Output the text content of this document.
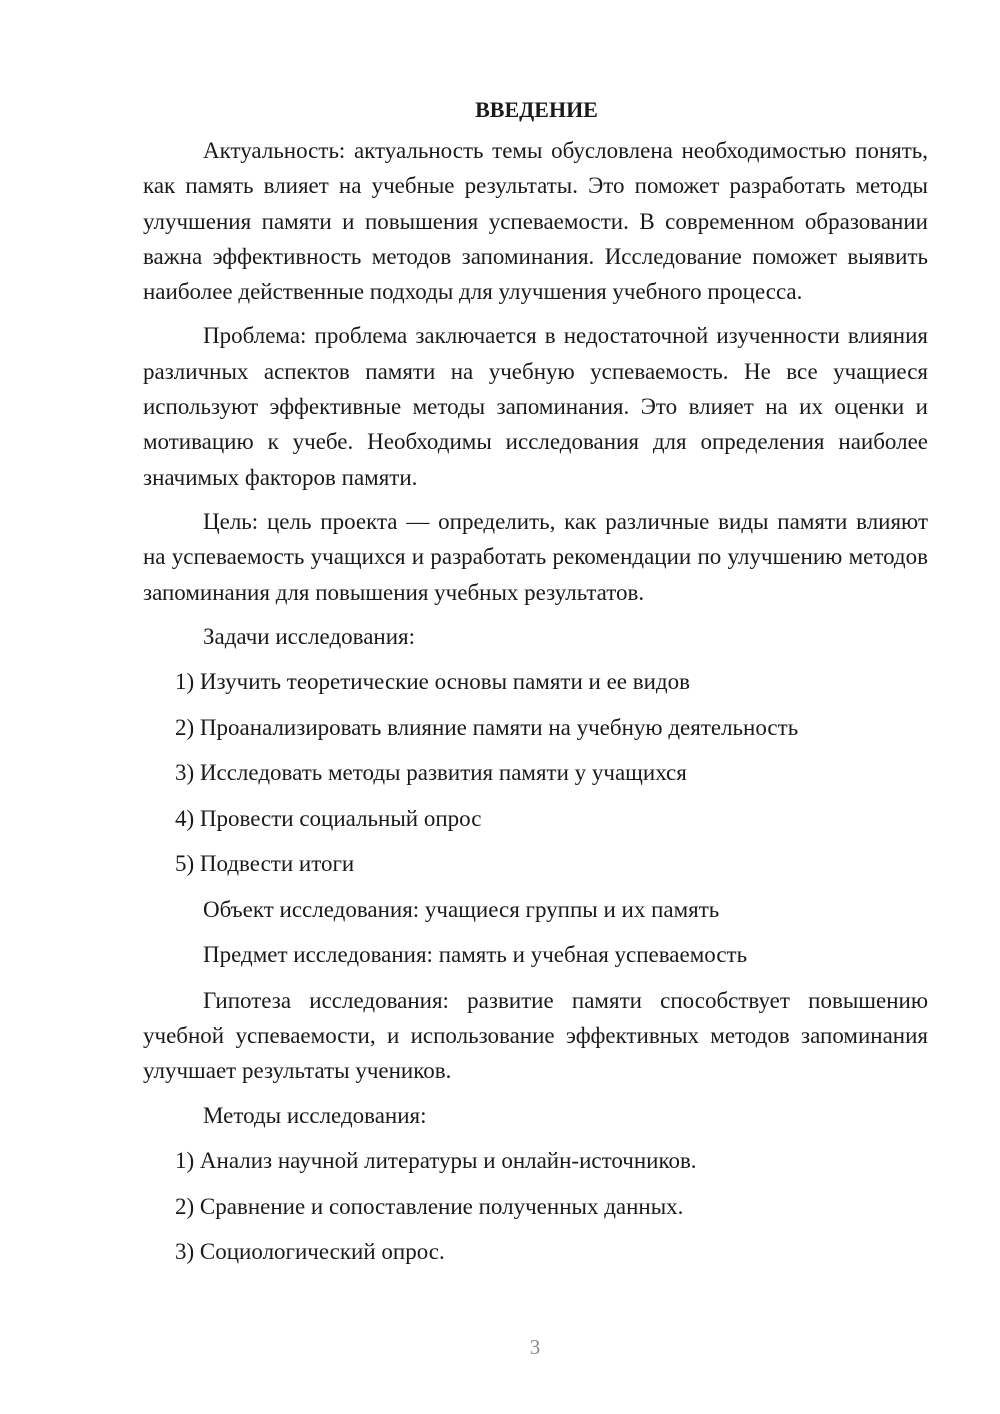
ВВЕДЕНИЕ

Актуальность: актуальность темы обусловлена необходимостью понять, как память влияет на учебные результаты. Это поможет разработать методы улучшения памяти и повышения успеваемости. В современном образовании важна эффективность методов запоминания. Исследование поможет выявить наиболее действенные подходы для улучшения учебного процесса.

Проблема: проблема заключается в недостаточной изученности влияния различных аспектов памяти на учебную успеваемость. Не все учащиеся используют эффективные методы запоминания. Это влияет на их оценки и мотивацию к учебе. Необходимы исследования для определения наиболее значимых факторов памяти.

Цель: цель проекта — определить, как различные виды памяти влияют на успеваемость учащихся и разработать рекомендации по улучшению методов запоминания для повышения учебных результатов.

Задачи исследования:
1) Изучить теоретические основы памяти и ее видов
2) Проанализировать влияние памяти на учебную деятельность
3) Исследовать методы развития памяти у учащихся
4) Провести социальный опрос
5) Подвести итоги
Объект исследования: учащиеся группы и их память
Предмет исследования: память и учебная успеваемость

Гипотеза исследования: развитие памяти способствует повышению учебной успеваемости, и использование эффективных методов запоминания улучшает результаты учеников.

Методы исследования:
1) Анализ научной литературы и онлайн-источников.
2) Сравнение и сопоставление полученных данных.
3) Социологический опрос.
3
